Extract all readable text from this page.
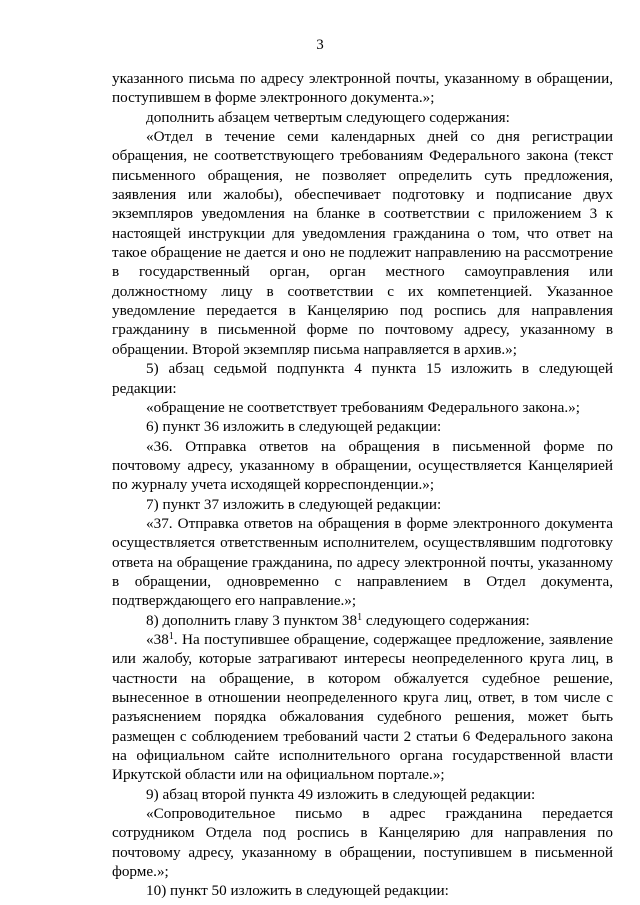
3

указанного письма по адресу электронной почты, указанному в обращении, поступившем в форме электронного документа.»;

дополнить абзацем четвертым следующего содержания:

«Отдел в течение семи календарных дней со дня регистрации обращения, не соответствующего требованиям Федерального закона (текст письменного обращения, не позволяет определить суть предложения, заявления или жалобы), обеспечивает подготовку и подписание двух экземпляров уведомления на бланке в соответствии с приложением 3 к настоящей инструкции для уведомления гражданина о том, что ответ на такое обращение не дается и оно не подлежит направлению на рассмотрение в государственный орган, орган местного самоуправления или должностному лицу в соответствии с их компетенцией. Указанное уведомление передается в Канцелярию под роспись для направления гражданину в письменной форме по почтовому адресу, указанному в обращении. Второй экземпляр письма направляется в архив.»;

5) абзац седьмой подпункта 4 пункта 15 изложить в следующей редакции:

«обращение не соответствует требованиям Федерального закона.»;

6) пункт 36 изложить в следующей редакции:

«36. Отправка ответов на обращения в письменной форме по почтовому адресу, указанному в обращении, осуществляется Канцелярией по журналу учета исходящей корреспонденции.»;

7) пункт 37 изложить в следующей редакции:

«37. Отправка ответов на обращения в форме электронного документа осуществляется ответственным исполнителем, осуществлявшим подготовку ответа на обращение гражданина, по адресу электронной почты, указанному в обращении, одновременно с направлением в Отдел документа, подтверждающего его направление.»;

8) дополнить главу 3 пунктом $38^1$ следующего содержания:

«$38^1$. На поступившее обращение, содержащее предложение, заявление или жалобу, которые затрагивают интересы неопределенного круга лиц, в частности на обращение, в котором обжалуется судебное решение, вынесенное в отношении неопределенного круга лиц, ответ, в том числе с разъяснением порядка обжалования судебного решения, может быть размещен с соблюдением требований части 2 статьи 6 Федерального закона на официальном сайте исполнительного органа государственной власти Иркутской области или на официальном портале.»;

9) абзац второй пункта 49 изложить в следующей редакции:

«Сопроводительное письмо в адрес гражданина передается сотрудником Отдела под роспись в Канцелярию для направления по почтовому адресу, указанному в обращении, поступившем в письменной форме.»;

10) пункт 50 изложить в следующей редакции:
